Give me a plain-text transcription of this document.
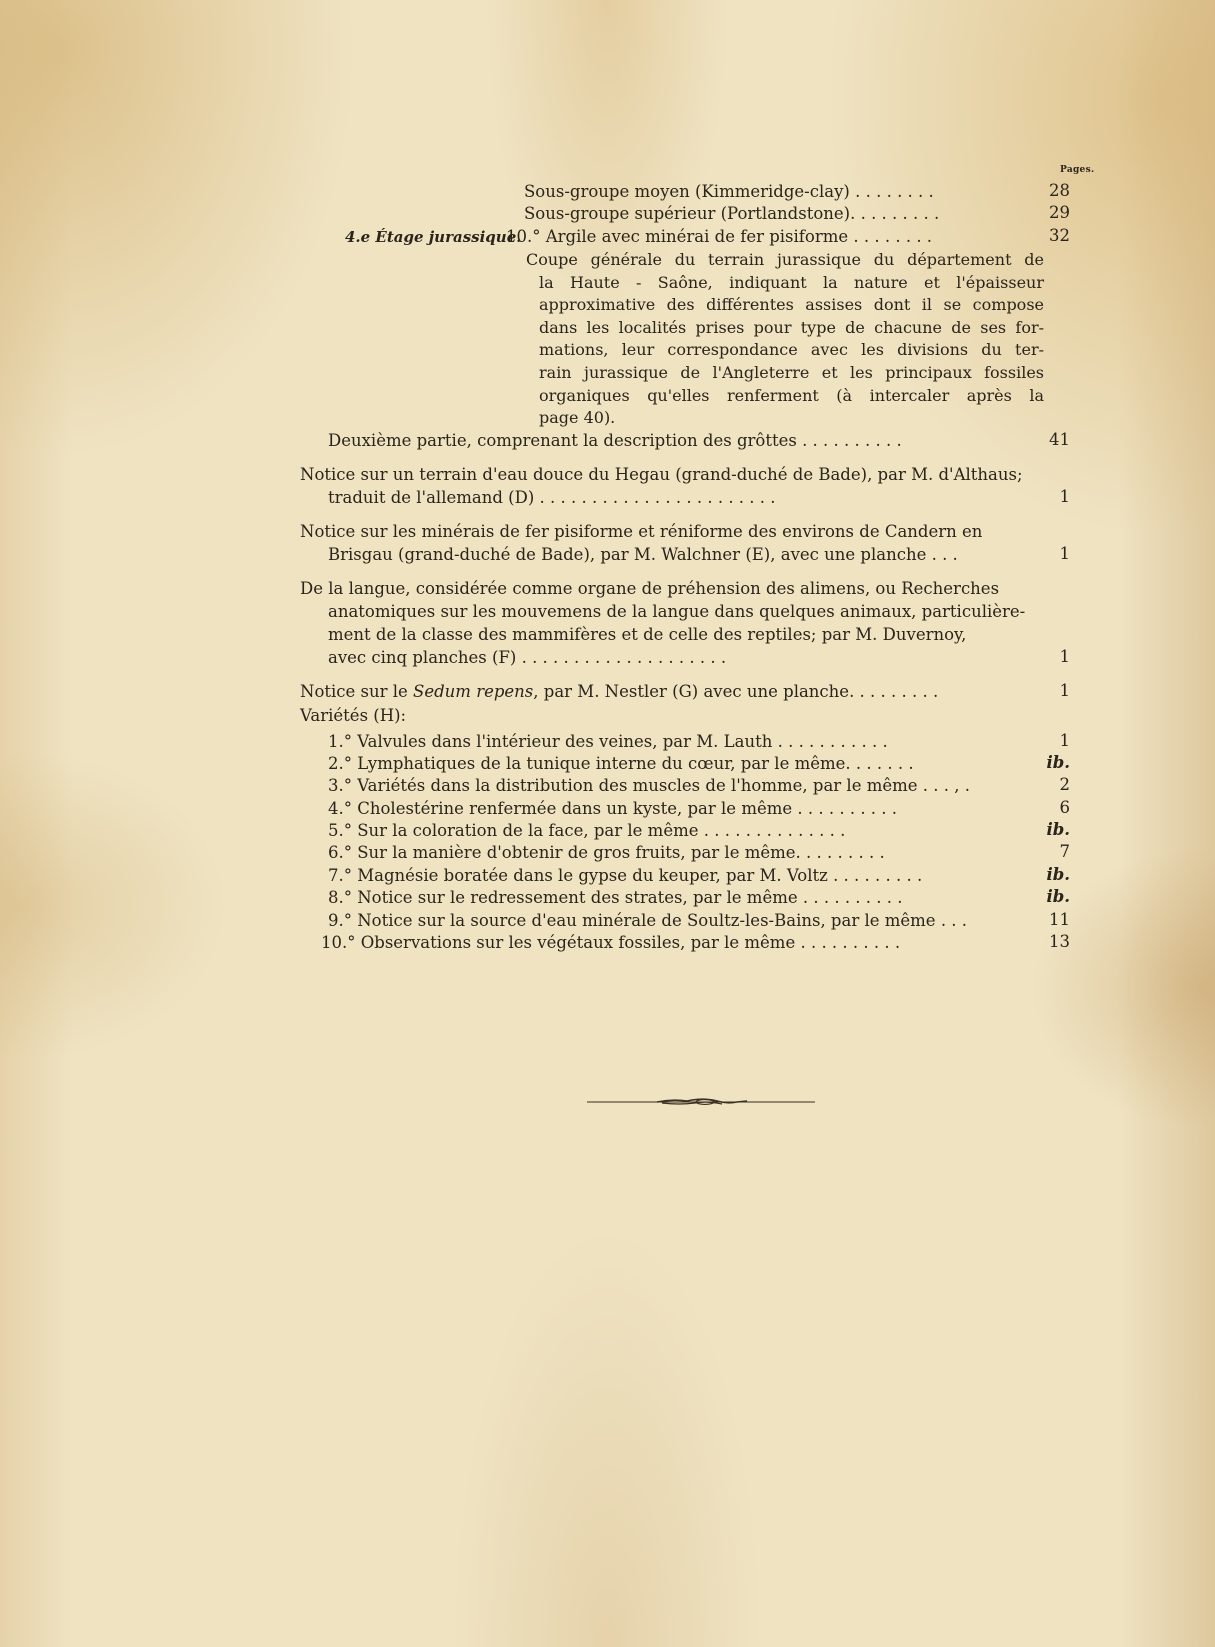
Pages.
Sous-groupe moyen (Kimmeridge-clay) . . . . . . . .	28
Sous-groupe supérieur (Portlandstone). . . . . . . . .	29
4.e Étage jurassique.
10.° Argile avec minérai de fer pisiforme . . . . . . . .	32
Coupe générale du terrain jurassique du département de
la Haute - Saône, indiquant la nature et l'épaisseur
approximative des différentes assises dont il se compose
dans les localités prises pour type de chacune de ses for-
mations, leur correspondance avec les divisions du ter-
rain jurassique de l'Angleterre et les principaux fossiles
organiques qu'elles renferment (à intercaler après la
page 40).
Deuxième partie, comprenant la description des grôttes . . . . . . . . . .	41
Notice sur un terrain d'eau douce du Hegau (grand-duché de Bade), par M. d'Althaus;
traduit de l'allemand (D) . . . . . . . . . . . . . . . . . . . . . . .	1
Notice sur les minérais de fer pisiforme et réniforme des environs de Candern en
Brisgau (grand-duché de Bade), par M. Walchner (E), avec une planche . . .	1
De la langue, considérée comme organe de préhension des alimens, ou Recherches
anatomiques sur les mouvemens de la langue dans quelques animaux, particulière-
ment de la classe des mammifères et de celle des reptiles; par M. Duvernoy,
avec cinq planches (F) . . . . . . . . . . . . . . . . . . . .	1
Notice sur le Sedum repens, par M. Nestler (G) avec une planche. . . . . . . . .	1
Variétés (H):
1.° Valvules dans l'intérieur des veines, par M. Lauth . . . . . . . . . . .	1
2.° Lymphatiques de la tunique interne du cœur, par le même. . . . . . .	ib.
3.° Variétés dans la distribution des muscles de l'homme, par le même . . . , .	2
4.° Cholestérine renfermée dans un kyste, par le même . . . . . . . . . .	6
5.° Sur la coloration de la face, par le même . . . . . . . . . . . . . .	ib.
6.° Sur la manière d'obtenir de gros fruits, par le même. . . . . . . . .	7
7.° Magnésie boratée dans le gypse du keuper, par M. Voltz . . . . . . . . .	ib.
8.° Notice sur le redressement des strates, par le même . . . . . . . . . .	ib.
9.° Notice sur la source d'eau minérale de Soultz-les-Bains, par le même . . .	11
10.° Observations sur les végétaux fossiles, par le même . . . . . . . . . .	13
